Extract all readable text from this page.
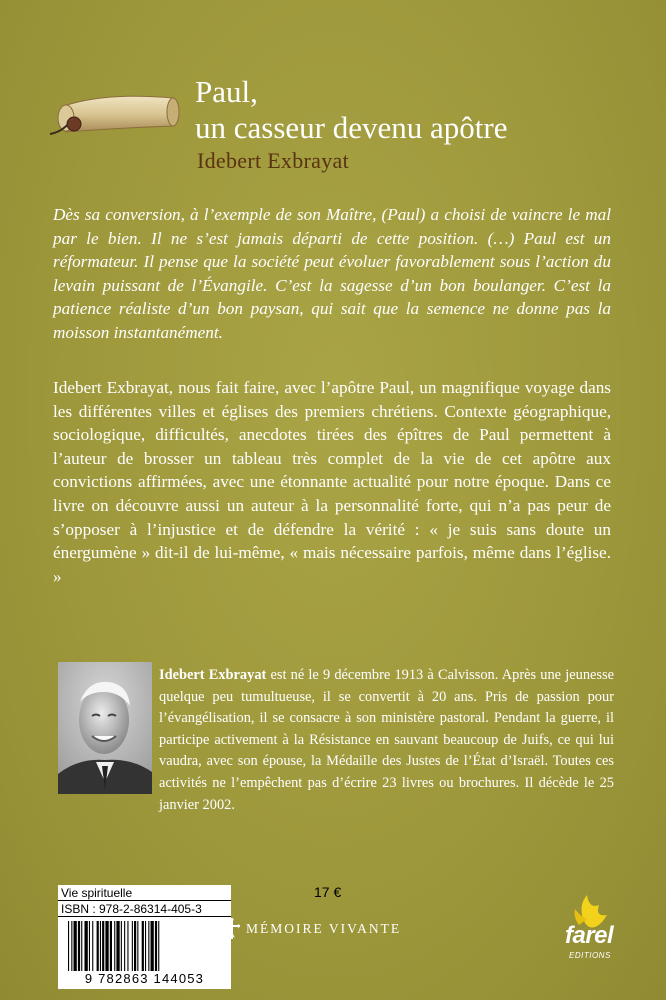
Paul,
un casseur devenu apôtre
Idebert Exbrayat
Dès sa conversion, à l’exemple de son Maître, (Paul) a choisi de vaincre le mal par le bien. Il ne s’est jamais départi de cette position. (…) Paul est un réformateur. Il pense que la société peut évoluer favorablement sous l’action du levain puissant de l’Évangile. C’est la sagesse d’un bon boulanger. C’est la patience réaliste d’un bon paysan, qui sait que la semence ne donne pas la moisson instantanément.
Idebert Exbrayat, nous fait faire, avec l’apôtre Paul, un magnifique voyage dans les différentes villes et églises des premiers chrétiens. Contexte géographique, sociologique, difficultés, anecdotes tirées des épîtres de Paul permettent à l’auteur de brosser un tableau très complet de la vie de cet apôtre aux convictions affirmées, avec une étonnante actualité pour notre époque. Dans ce livre on découvre aussi un auteur à la personnalité forte, qui n’a pas peur de s’opposer à l’injustice et de défendre la vérité : « je suis sans doute un énergumène » dit-il de lui-même, « mais nécessaire parfois, même dans l’église. »
Idebert Exbrayat est né le 9 décembre 1913 à Calvisson. Après une jeunesse quelque peu tumultueuse, il se convertit à 20 ans. Pris de passion pour l’évangélisation, il se consacre à son ministère pastoral. Pendant la guerre, il participe activement à la Résistance en sauvant beaucoup de Juifs, ce qui lui vaudra, avec son épouse, la Médaille des Justes de l’État d’Israël. Toutes ces activités ne l’empêchent pas d’écrire 23 livres ou brochures. Il décède le 25 janvier 2002.
Vie spirituelle
ISBN : 978-2-86314-405-3
9 782863 144053
17 €
MÉMOIRE VIVANTE	farel
EDITIONS
